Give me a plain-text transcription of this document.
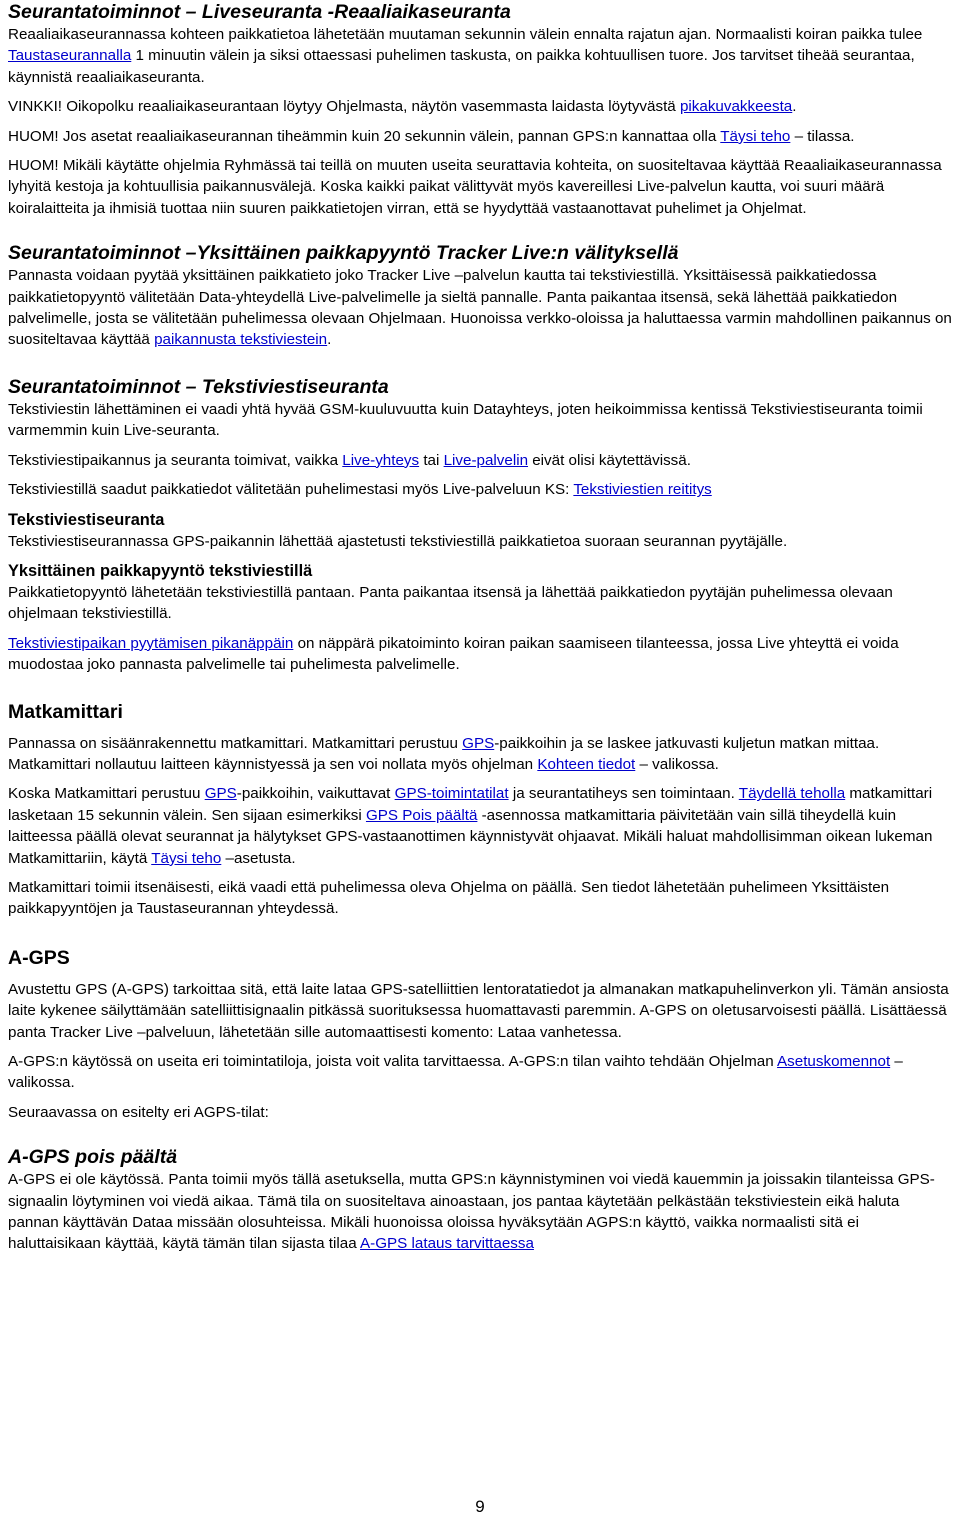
Seurantatoiminnot – Liveseuranta -Reaaliaikaseuranta

Reaaliaikaseurannassa kohteen paikkatietoa lähetetään muutaman sekunnin välein ennalta rajatun ajan. Normaalisti koiran paikka tulee Taustaseurannalla 1 minuutin välein ja siksi ottaessasi puhelimen taskusta, on paikka kohtuullisen tuore. Jos tarvitset tiheää seurantaa, käynnistä reaaliaikaseuranta.

VINKKI! Oikopolku reaaliaikaseurantaan löytyy Ohjelmasta, näytön vasemmasta laidasta löytyvästä pikakuvakkeesta.

HUOM! Jos asetat reaaliaikaseurannan tiheämmin kuin 20 sekunnin välein, pannan GPS:n kannattaa olla Täysi teho – tilassa.

HUOM! Mikäli käytätte ohjelmia Ryhmässä tai teillä on muuten useita seurattavia kohteita, on suositeltavaa käyttää Reaaliaikaseurannassa lyhyitä kestoja ja kohtuullisia paikannusvälejä. Koska kaikki paikat välittyvät myös kavereillesi Live-palvelun kautta, voi suuri määrä koiralaitteita ja ihmisiä tuottaa niin suuren paikkatietojen virran, että se hyydyttää vastaanottavat puhelimet ja Ohjelmat.

Seurantatoiminnot –Yksittäinen paikkapyyntö Tracker Live:n välityksellä

Pannasta voidaan pyytää yksittäinen paikkatieto joko Tracker Live –palvelun kautta tai tekstiviestillä. Yksittäisessä paikkatiedossa paikkatietopyyntö välitetään Data-yhteydellä Live-palvelimelle ja sieltä pannalle. Panta paikantaa itsensä, sekä lähettää paikkatiedon palvelimelle, josta se välitetään puhelimessa olevaan Ohjelmaan. Huonoissa verkko-oloissa ja haluttaessa varmin mahdollinen paikannus on suositeltavaa käyttää paikannusta tekstiviestein.

Seurantatoiminnot – Tekstiviestiseuranta

Tekstiviestin lähettäminen ei vaadi yhtä hyvää GSM-kuuluvuutta kuin Datayhteys, joten heikoimmissa kentissä Tekstiviestiseuranta toimii varmemmin kuin Live-seuranta.

Tekstiviestipaikannus ja seuranta toimivat, vaikka Live-yhteys tai Live-palvelin eivät olisi käytettävissä.

Tekstiviestillä saadut paikkatiedot välitetään puhelimestasi myös Live-palveluun KS: Tekstiviestien reititys

Tekstiviestiseuranta

Tekstiviestiseurannassa GPS-paikannin lähettää ajastetusti tekstiviestillä paikkatietoa suoraan seurannan pyytäjälle.

Yksittäinen paikkapyyntö tekstiviestillä

Paikkatietopyyntö lähetetään tekstiviestillä pantaan. Panta paikantaa itsensä ja lähettää paikkatiedon pyytäjän puhelimessa olevaan ohjelmaan tekstiviestillä.

Tekstiviestipaikan pyytämisen pikanäppäin on näppärä pikatoiminto koiran paikan saamiseen tilanteessa, jossa Live yhteyttä ei voida muodostaa joko pannasta palvelimelle tai puhelimesta palvelimelle.

Matkamittari

Pannassa on sisäänrakennettu matkamittari. Matkamittari perustuu GPS-paikkoihin ja se laskee jatkuvasti kuljetun matkan mittaa. Matkamittari nollautuu laitteen käynnistyessä ja sen voi nollata myös ohjelman Kohteen tiedot – valikossa.

Koska Matkamittari perustuu GPS-paikkoihin, vaikuttavat GPS-toimintatilat ja seurantatiheys sen toimintaan. Täydellä teholla matkamittari lasketaan 15 sekunnin välein. Sen sijaan esimerkiksi GPS Pois päältä -asennossa matkamittaria päivitetään vain sillä tiheydellä kuin laitteessa päällä olevat seurannat ja hälytykset GPS-vastaanottimen käynnistyvät ohjaavat. Mikäli haluat mahdollisimman oikean lukeman Matkamittariin, käytä Täysi teho –asetusta.

Matkamittari toimii itsenäisesti, eikä vaadi että puhelimessa oleva Ohjelma on päällä. Sen tiedot lähetetään puhelimeen Yksittäisten paikkapyyntöjen ja Taustaseurannan yhteydessä.

A-GPS

Avustettu GPS (A-GPS) tarkoittaa sitä, että laite lataa GPS-satelliittien lentoratatiedot ja almanakan matkapuhelinverkon yli. Tämän ansiosta laite kykenee säilyttämään satelliittisignaalin pitkässä suorituksessa huomattavasti paremmin. A-GPS on oletusarvoisesti päällä. Lisättäessä panta Tracker Live –palveluun, lähetetään sille automaattisesti komento: Lataa vanhetessa.

A-GPS:n käytössä on useita eri toimintatiloja, joista voit valita tarvittaessa. A-GPS:n tilan vaihto tehdään Ohjelman Asetuskomennot –valikossa.

Seuraavassa on esitelty eri AGPS-tilat:

A-GPS pois päältä

A-GPS ei ole käytössä. Panta toimii myös tällä asetuksella, mutta GPS:n käynnistyminen voi viedä kauemmin ja joissakin tilanteissa GPS-signaalin löytyminen voi viedä aikaa. Tämä tila on suositeltava ainoastaan, jos pantaa käytetään pelkästään tekstiviestein eikä haluta pannan käyttävän Dataa missään olosuhteissa. Mikäli huonoissa oloissa hyväksytään AGPS:n käyttö, vaikka normaalisti sitä ei haluttaisikaan käyttää, käytä tämän tilan sijasta tilaa A-GPS lataus tarvittaessa

9
